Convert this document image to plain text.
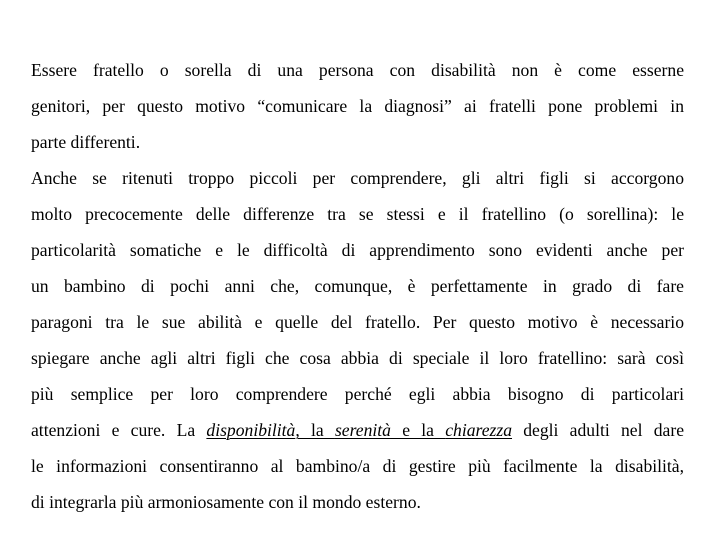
Essere fratello o sorella di una persona con disabilità non è come esserne
genitori, per questo motivo “comunicare la diagnosi” ai fratelli pone problemi in
parte differenti.
Anche se ritenuti troppo piccoli per comprendere, gli altri figli si accorgono
molto precocemente delle differenze tra se stessi e il fratellino (o sorellina): le
particolarità somatiche e le difficoltà di apprendimento sono evidenti anche per
un bambino di pochi anni che, comunque, è perfettamente in grado di fare
paragoni tra le sue abilità e quelle del fratello. Per questo motivo è necessario
spiegare anche agli altri figli che cosa abbia di speciale il loro fratellino: sarà così
più semplice per loro comprendere perché egli abbia bisogno di particolari
attenzioni e cure. La disponibilità, la serenità e la chiarezza degli adulti nel dare
le informazioni consentiranno al bambino/a di gestire più facilmente la disabilità,
di integrarla più armoniosamente con il mondo esterno.
